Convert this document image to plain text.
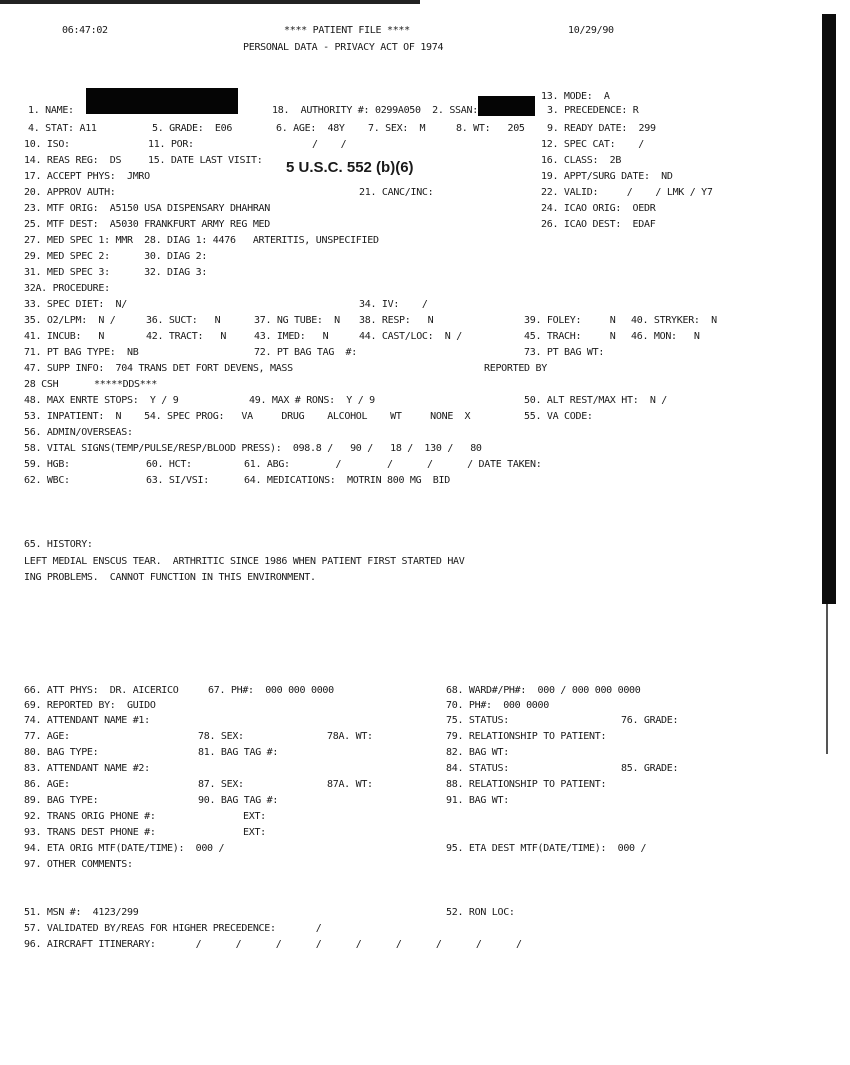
06:47:02	**** PATIENT FILE ****	10/29/90
PERSONAL DATA - PRIVACY ACT OF 1974
5 U.S.C. 552 (b)(6)
13. MODE:  A
1. NAME:	18.  AUTHORITY #: 0299A050  2. SSAN:	3. PRECEDENCE: R
4. STAT: A11	5. GRADE:  E06	6. AGE:  48Y 7. SEX:  M	8. WT:   205 9. READY DATE:  299
10. ISO:	11. POR:	/    /	12. SPEC CAT:    /
14. REAS REG:  DS	15. DATE LAST VISIT:	16. CLASS:  2B
17. ACCEPT PHYS:  JMRO	19. APPT/SURG DATE:  ND
20. APPROV AUTH:	21. CANC/INC:	22. VALID:     /    / LMK / Y7
23. MTF ORIG:  A5150 USA DISPENSARY DHAHRAN	24. ICAO ORIG:  OEDR
25. MTF DEST:  A5030 FRANKFURT ARMY REG MED	26. ICAO DEST:  EDAF
27. MED SPEC 1: MMR  28. DIAG 1: 4476   ARTERITIS, UNSPECIFIED
29. MED SPEC 2:      30. DIAG 2:
31. MED SPEC 3:      32. DIAG 3:
32A. PROCEDURE:
33. SPEC DIET:  N/	34. IV:    /
35. O2/LPM:  N /	36. SUCT:   N	37. NG TUBE:  N 38. RESP:   N	39. FOLEY:     N 40. STRYKER:  N
41. INCUB:   N	42. TRACT:   N	43. IMED:   N	44. CAST/LOC:  N /	45. TRACH:     N 46. MON:   N
71. PT BAG TYPE:  NB	72. PT BAG TAG  #:	73. PT BAG WT:
47. SUPP INFO:  704 TRANS DET FORT DEVENS, MASS	REPORTED BY
28 CSH	*****DDS***
48. MAX ENRTE STOPS:  Y / 9	49. MAX # RONS:  Y / 9	50. ALT REST/MAX HT:  N /
53. INPATIENT:  N    54. SPEC PROG:   VA     DRUG    ALCOHOL    WT     NONE  X	55. VA CODE:
56. ADMIN/OVERSEAS:
58. VITAL SIGNS(TEMP/PULSE/RESP/BLOOD PRESS):  098.8 /   90 /   18 /  130 /   80
59. HGB:	60. HCT:	61. ABG:        /        /      /      / DATE TAKEN:
62. WBC:	63. SI/VSI:	64. MEDICATIONS:  MOTRIN 800 MG  BID
65. HISTORY:
LEFT MEDIAL ENSCUS TEAR.  ARTHRITIC SINCE 1986 WHEN PATIENT FIRST STARTED HAV
ING PROBLEMS.  CANNOT FUNCTION IN THIS ENVIRONMENT.
66. ATT PHYS:  DR. AICERICO	67. PH#:  000 000 0000	68. WARD#/PH#:  000 / 000 000 0000
69. REPORTED BY:  GUIDO	70. PH#:  000 0000
74. ATTENDANT NAME #1:	75. STATUS:	76. GRADE:
77. AGE:	78. SEX:	78A. WT:	79. RELATIONSHIP TO PATIENT:
80. BAG TYPE:	81. BAG TAG #:	82. BAG WT:
83. ATTENDANT NAME #2:	84. STATUS:	85. GRADE:
86. AGE:	87. SEX:	87A. WT:	88. RELATIONSHIP TO PATIENT:
89. BAG TYPE:	90. BAG TAG #:	91. BAG WT:
92. TRANS ORIG PHONE #:	EXT:
93. TRANS DEST PHONE #:	EXT:
94. ETA ORIG MTF(DATE/TIME):  000 /	95. ETA DEST MTF(DATE/TIME):  000 /
97. OTHER COMMENTS:
51. MSN #:  4123/299	52. RON LOC:
57. VALIDATED BY/REAS FOR HIGHER PRECEDENCE:       /
96. AIRCRAFT ITINERARY:       /      /      /      /      /      /      /      /      /
